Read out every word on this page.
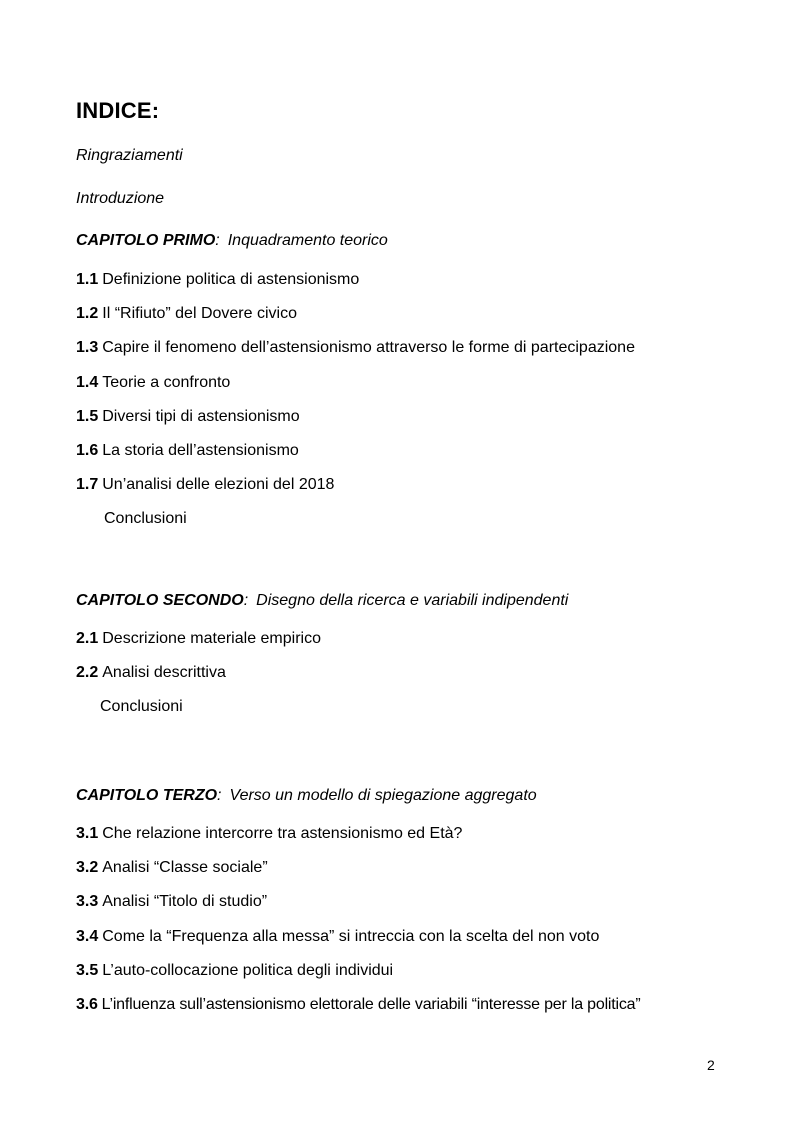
INDICE:
Ringraziamenti
Introduzione
CAPITOLO PRIMO: Inquadramento teorico
1.1 Definizione politica di astensionismo
1.2 Il “Rifiuto” del Dovere civico
1.3 Capire il fenomeno dell’astensionismo attraverso le forme di partecipazione
1.4 Teorie a confronto
1.5 Diversi tipi di astensionismo
1.6 La storia dell’astensionismo
1.7 Un’analisi delle elezioni del 2018
Conclusioni
CAPITOLO SECONDO: Disegno della ricerca e variabili indipendenti
2.1 Descrizione materiale empirico
2.2 Analisi descrittiva
Conclusioni
CAPITOLO TERZO: Verso un modello di spiegazione aggregato
3.1 Che relazione intercorre tra astensionismo ed Età?
3.2 Analisi “Classe sociale”
3.3 Analisi “Titolo di studio”
3.4 Come la “Frequenza alla messa” si intreccia con la scelta del non voto
3.5 L’auto-collocazione politica degli individui
3.6 L’influenza sull’astensionismo elettorale delle variabili “interesse per la politica”
2
